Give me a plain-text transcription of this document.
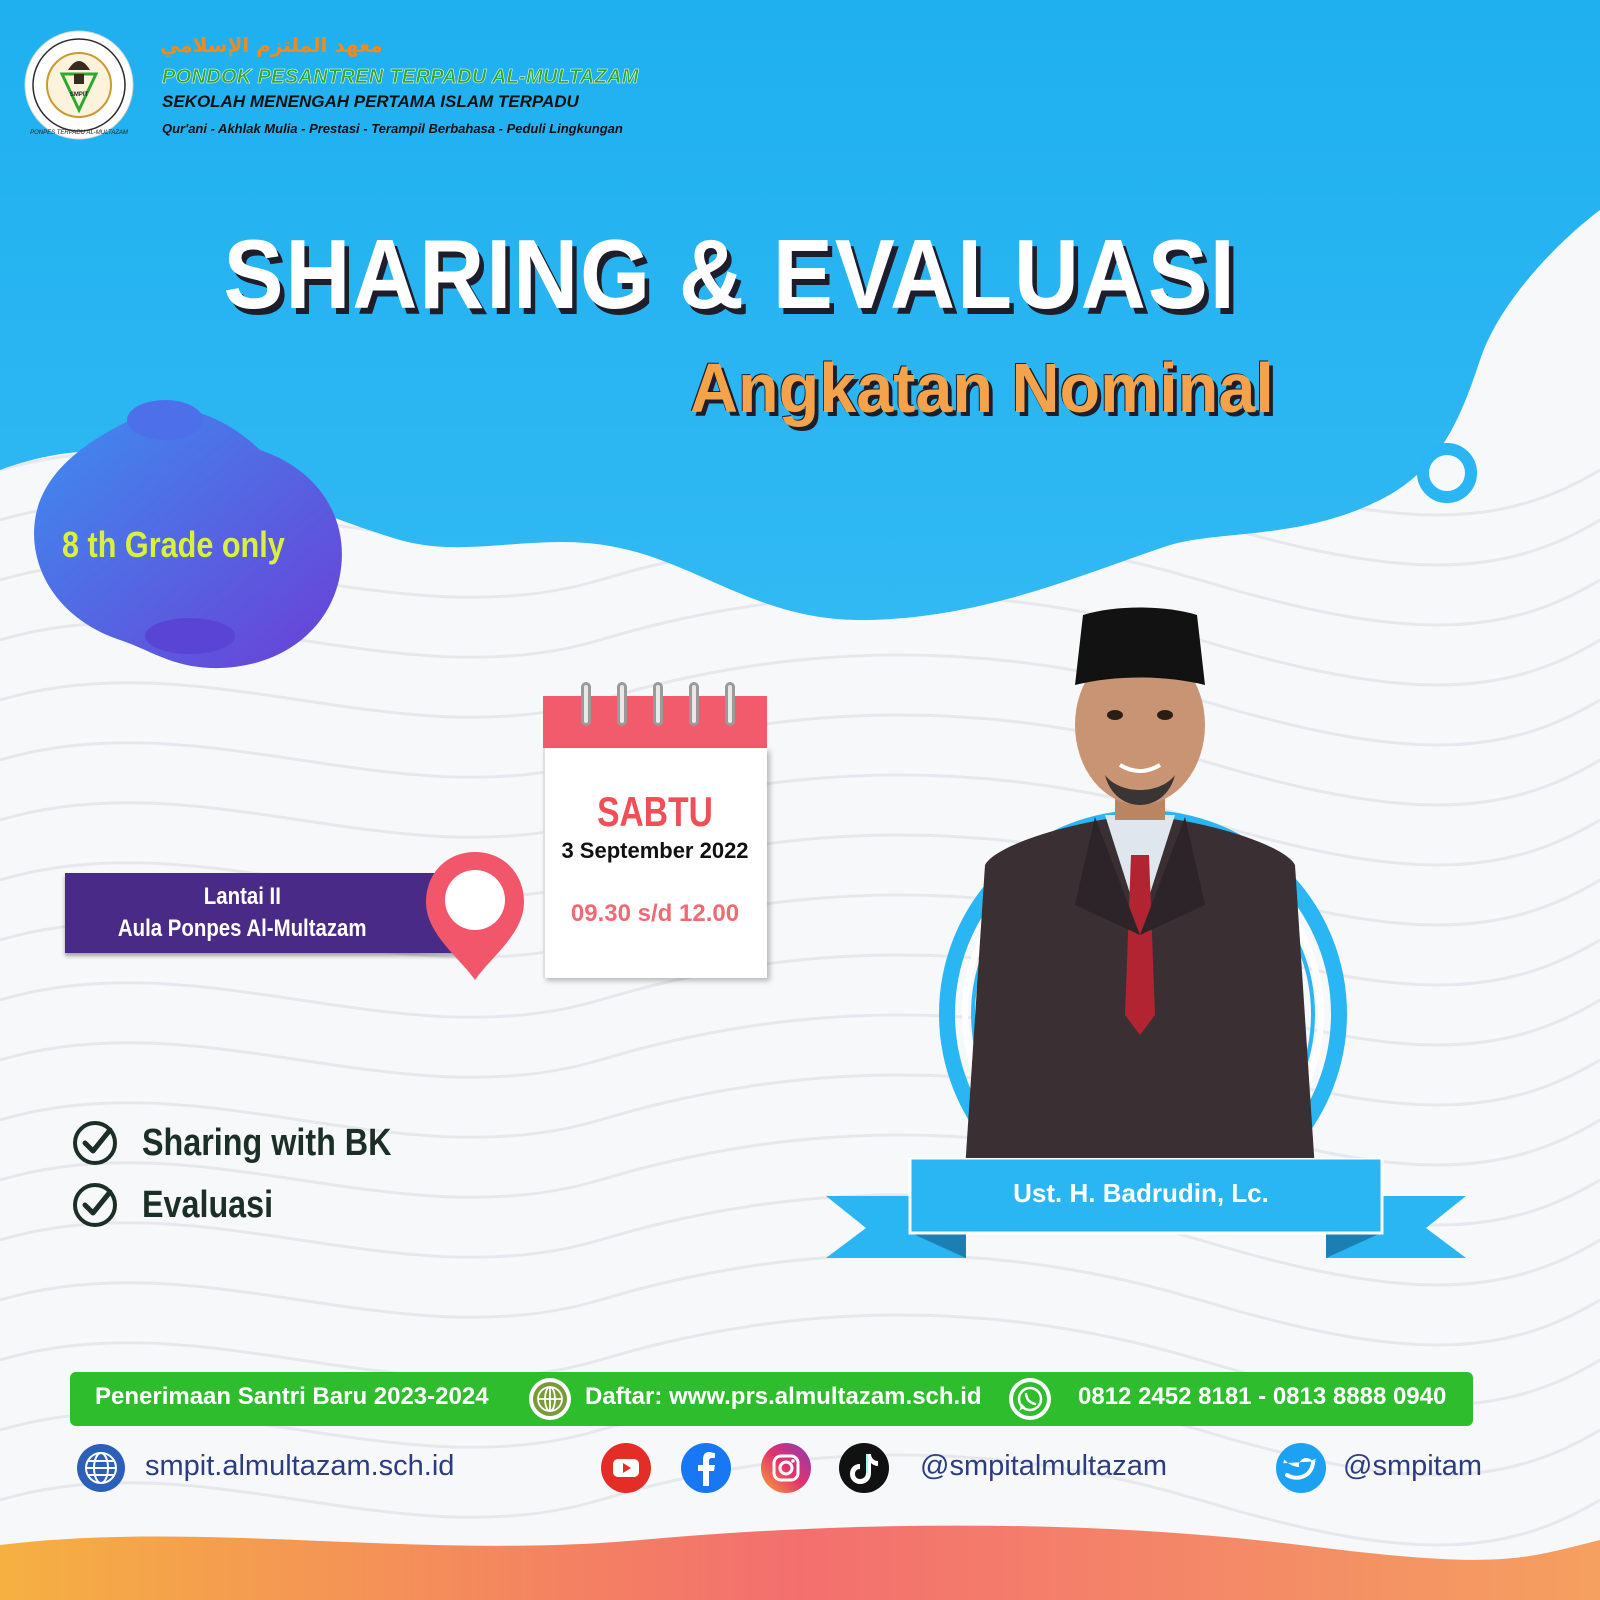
SMPIT
PONPES TERPADU AL-MULTAZAM
معهد الملتزم الإسلامي
PONDOK PESANTREN TERPADU AL-MULTAZAM
SEKOLAH MENENGAH PERTAMA ISLAM TERPADU
Qur'ani - Akhlak Mulia - Prestasi - Terampil Berbahasa - Peduli Lingkungan
SHARING & EVALUASI
Angkatan Nominal
8 th Grade only
Lantai II
Aula Ponpes Al-Multazam
SABTU
3 September 2022
09.30 s/d 12.00
Sharing with BK
Evaluasi	Ust. H. Badrudin, Lc.
Penerimaan Santri Baru 2023-2024	Daftar: www.prs.almultazam.sch.id	0812 2452 8181 - 0813 8888 0940
smpit.almultazam.sch.id	@smpitalmultazam	@smpitam
